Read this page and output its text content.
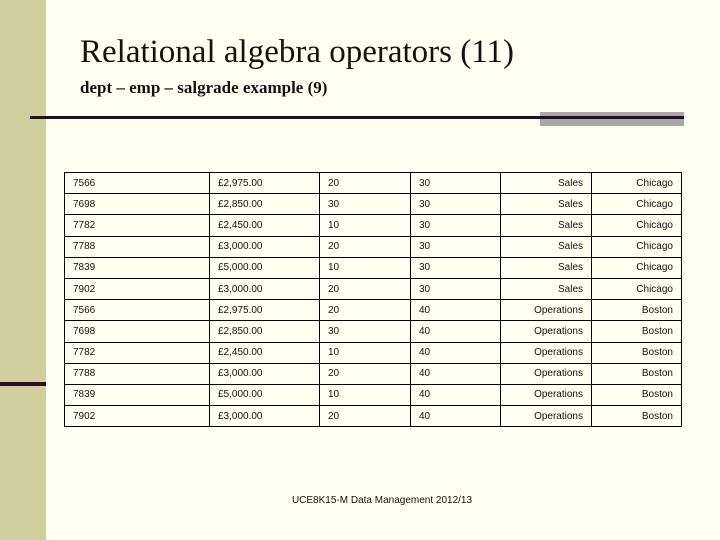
Relational algebra operators (11)
dept – emp – salgrade example (9)
7566	£2,975.00	20	30	Sales	Chicago
7698	£2,850.00	30	30	Sales	Chicago
7782	£2,450.00	10	30	Sales	Chicago
7788	£3,000.00	20	30	Sales	Chicago
7839	£5,000.00	10	30	Sales	Chicago
7902	£3,000.00	20	30	Sales	Chicago
7566	£2,975.00	20	40	Operations	Boston
7698	£2,850.00	30	40	Operations	Boston
7782	£2,450.00	10	40	Operations	Boston
7788	£3,000.00	20	40	Operations	Boston
7839	£5,000.00	10	40	Operations	Boston
7902	£3,000.00	20	40	Operations	Boston
UCE8K15-M Data Management 2012/13
